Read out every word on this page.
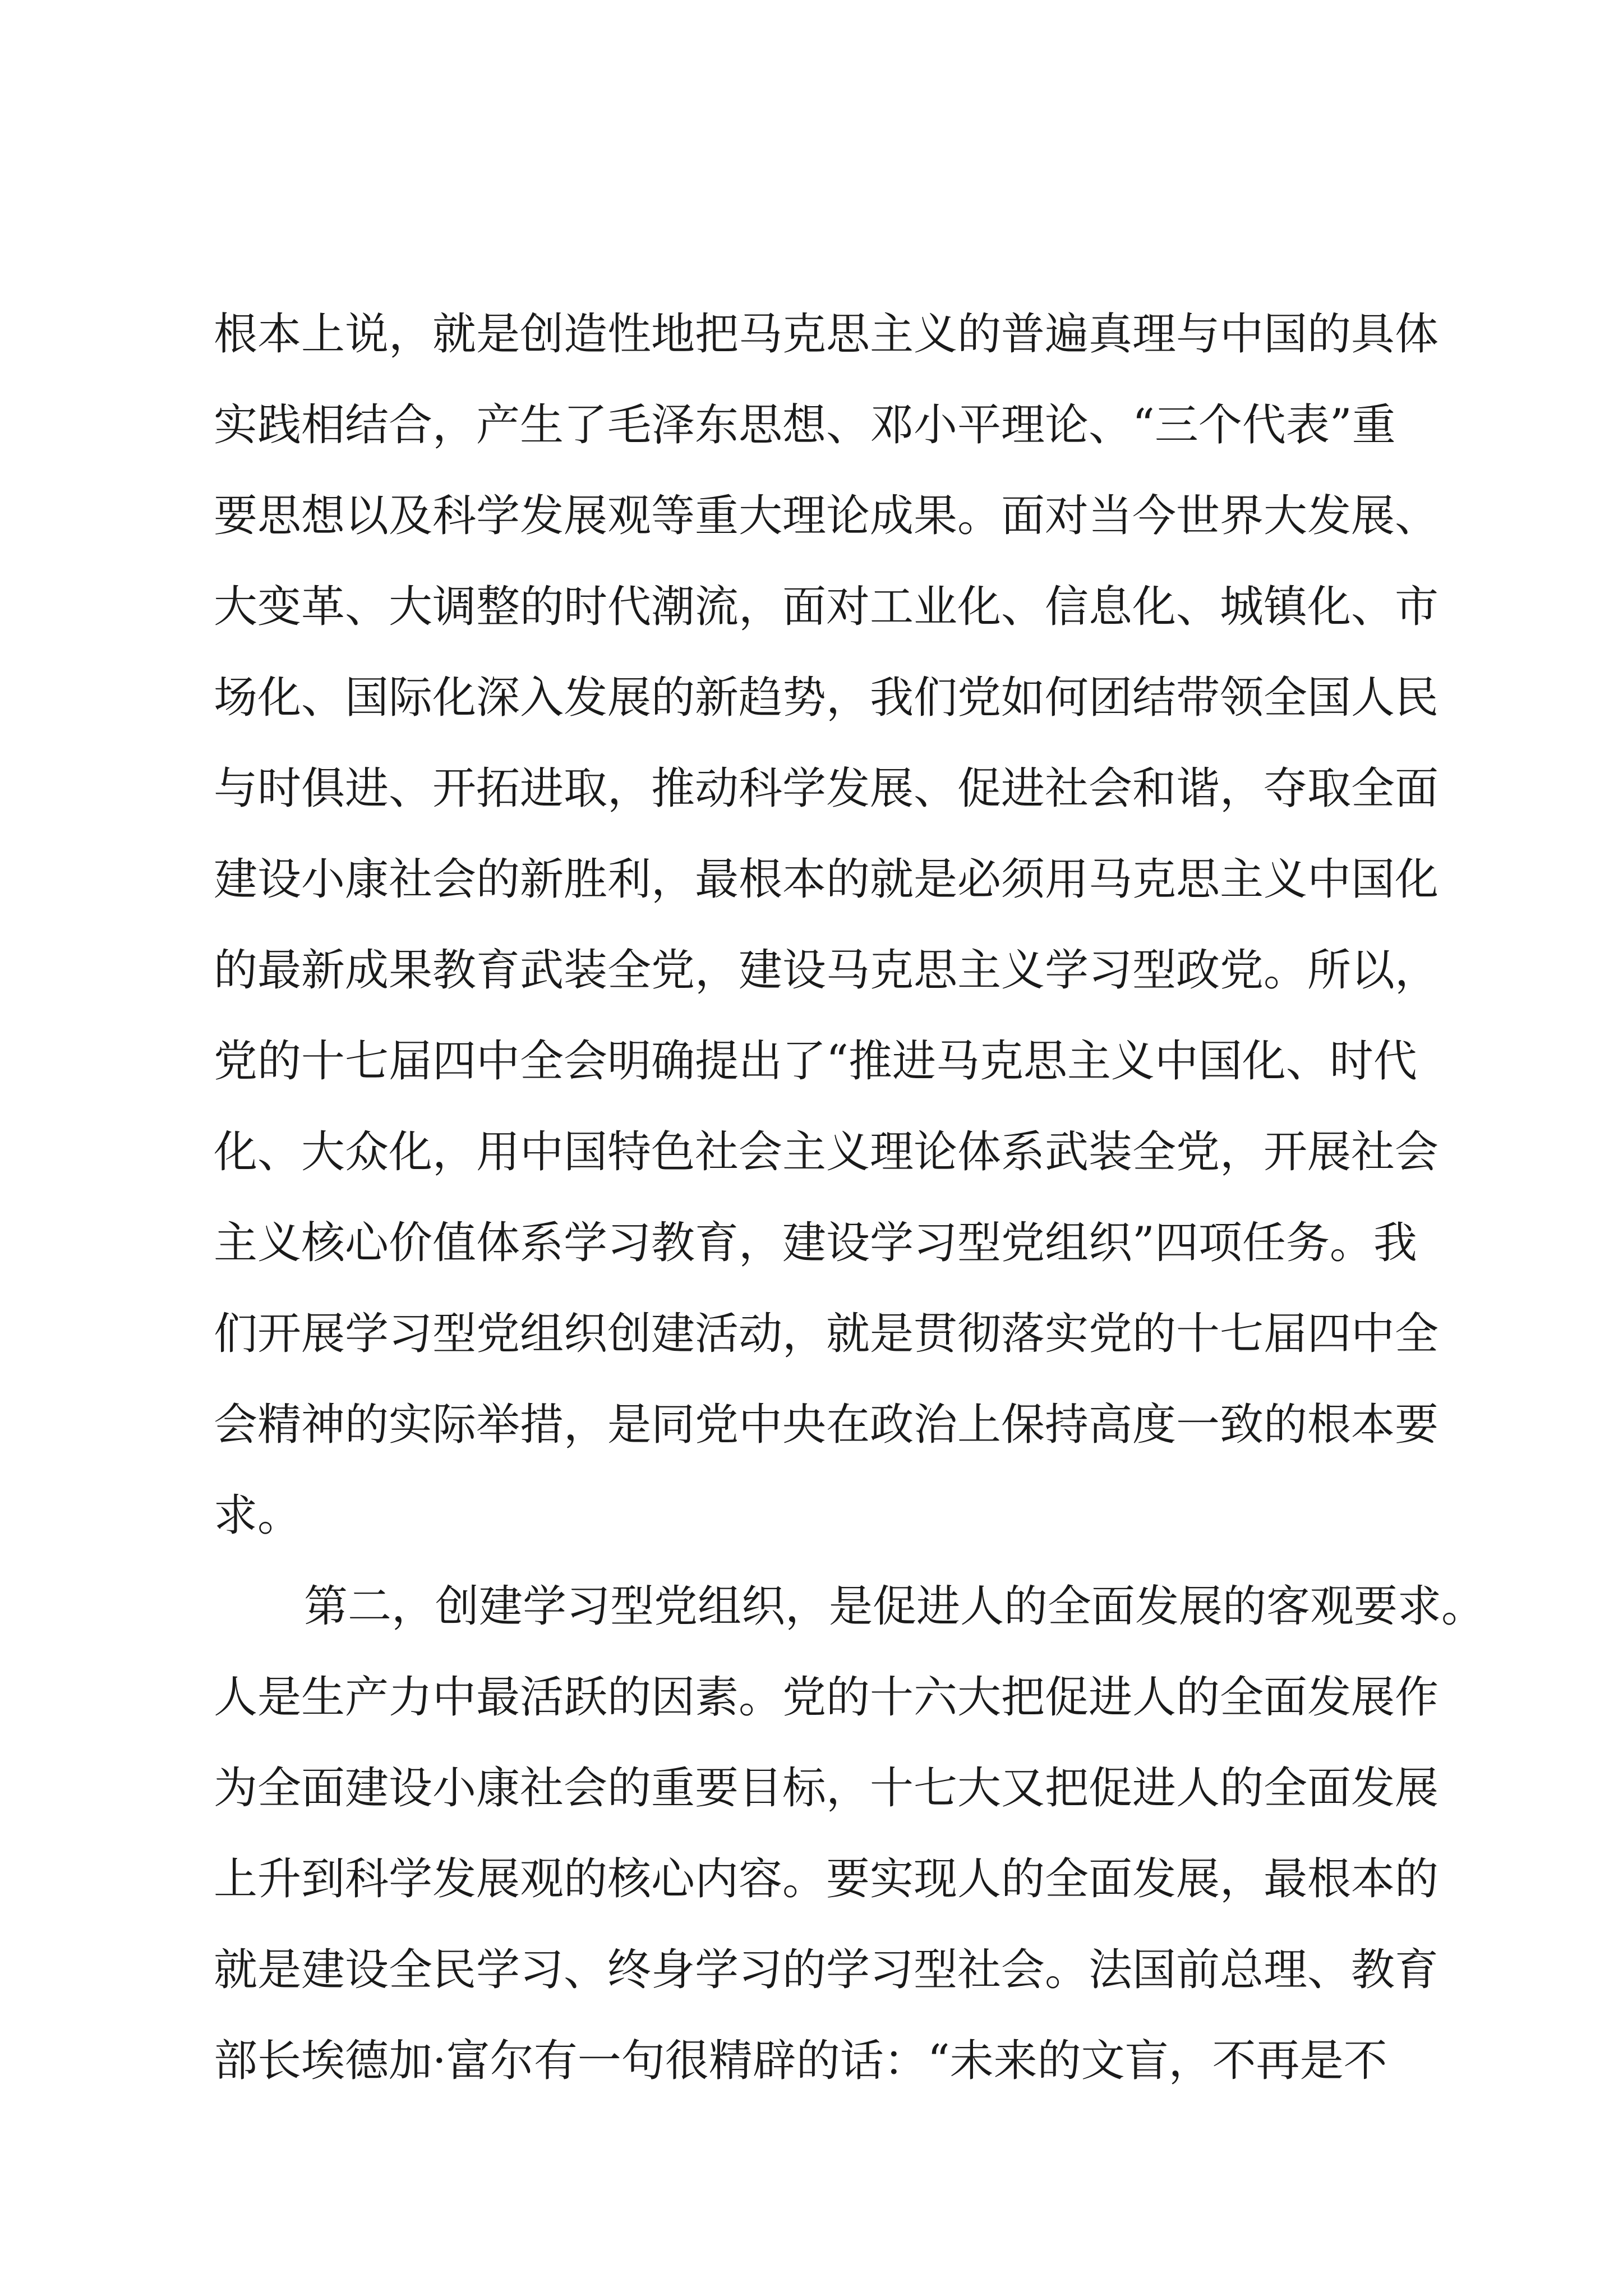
根本上说，就是创造性地把马克思主义的普遍真理与中国的具体

实践相结合，产生了毛泽东思想、邓小平理论、“三个代表”重

要思想以及科学发展观等重大理论成果。面对当今世界大发展、

大变革、大调整的时代潮流，面对工业化、信息化、城镇化、市

场化、国际化深入发展的新趋势，我们党如何团结带领全国人民

与时俱进、开拓进取，推动科学发展、促进社会和谐，夺取全面

建设小康社会的新胜利，最根本的就是必须用马克思主义中国化

的最新成果教育武装全党，建设马克思主义学习型政党。所以，

党的十七届四中全会明确提出了“推进马克思主义中国化、时代

化、大众化，用中国特色社会主义理论体系武装全党，开展社会

主义核心价值体系学习教育，建设学习型党组织”四项任务。我

们开展学习型党组织创建活动，就是贯彻落实党的十七届四中全

会精神的实际举措，是同党中央在政治上保持高度一致的根本要

求。

第二，创建学习型党组织，是促进人的全面发展的客观要求。

人是生产力中最活跃的因素。党的十六大把促进人的全面发展作

为全面建设小康社会的重要目标，十七大又把促进人的全面发展

上升到科学发展观的核心内容。要实现人的全面发展，最根本的

就是建设全民学习、终身学习的学习型社会。法国前总理、教育

部长埃德加·富尔有一句很精辟的话：“未来的文盲，不再是不
